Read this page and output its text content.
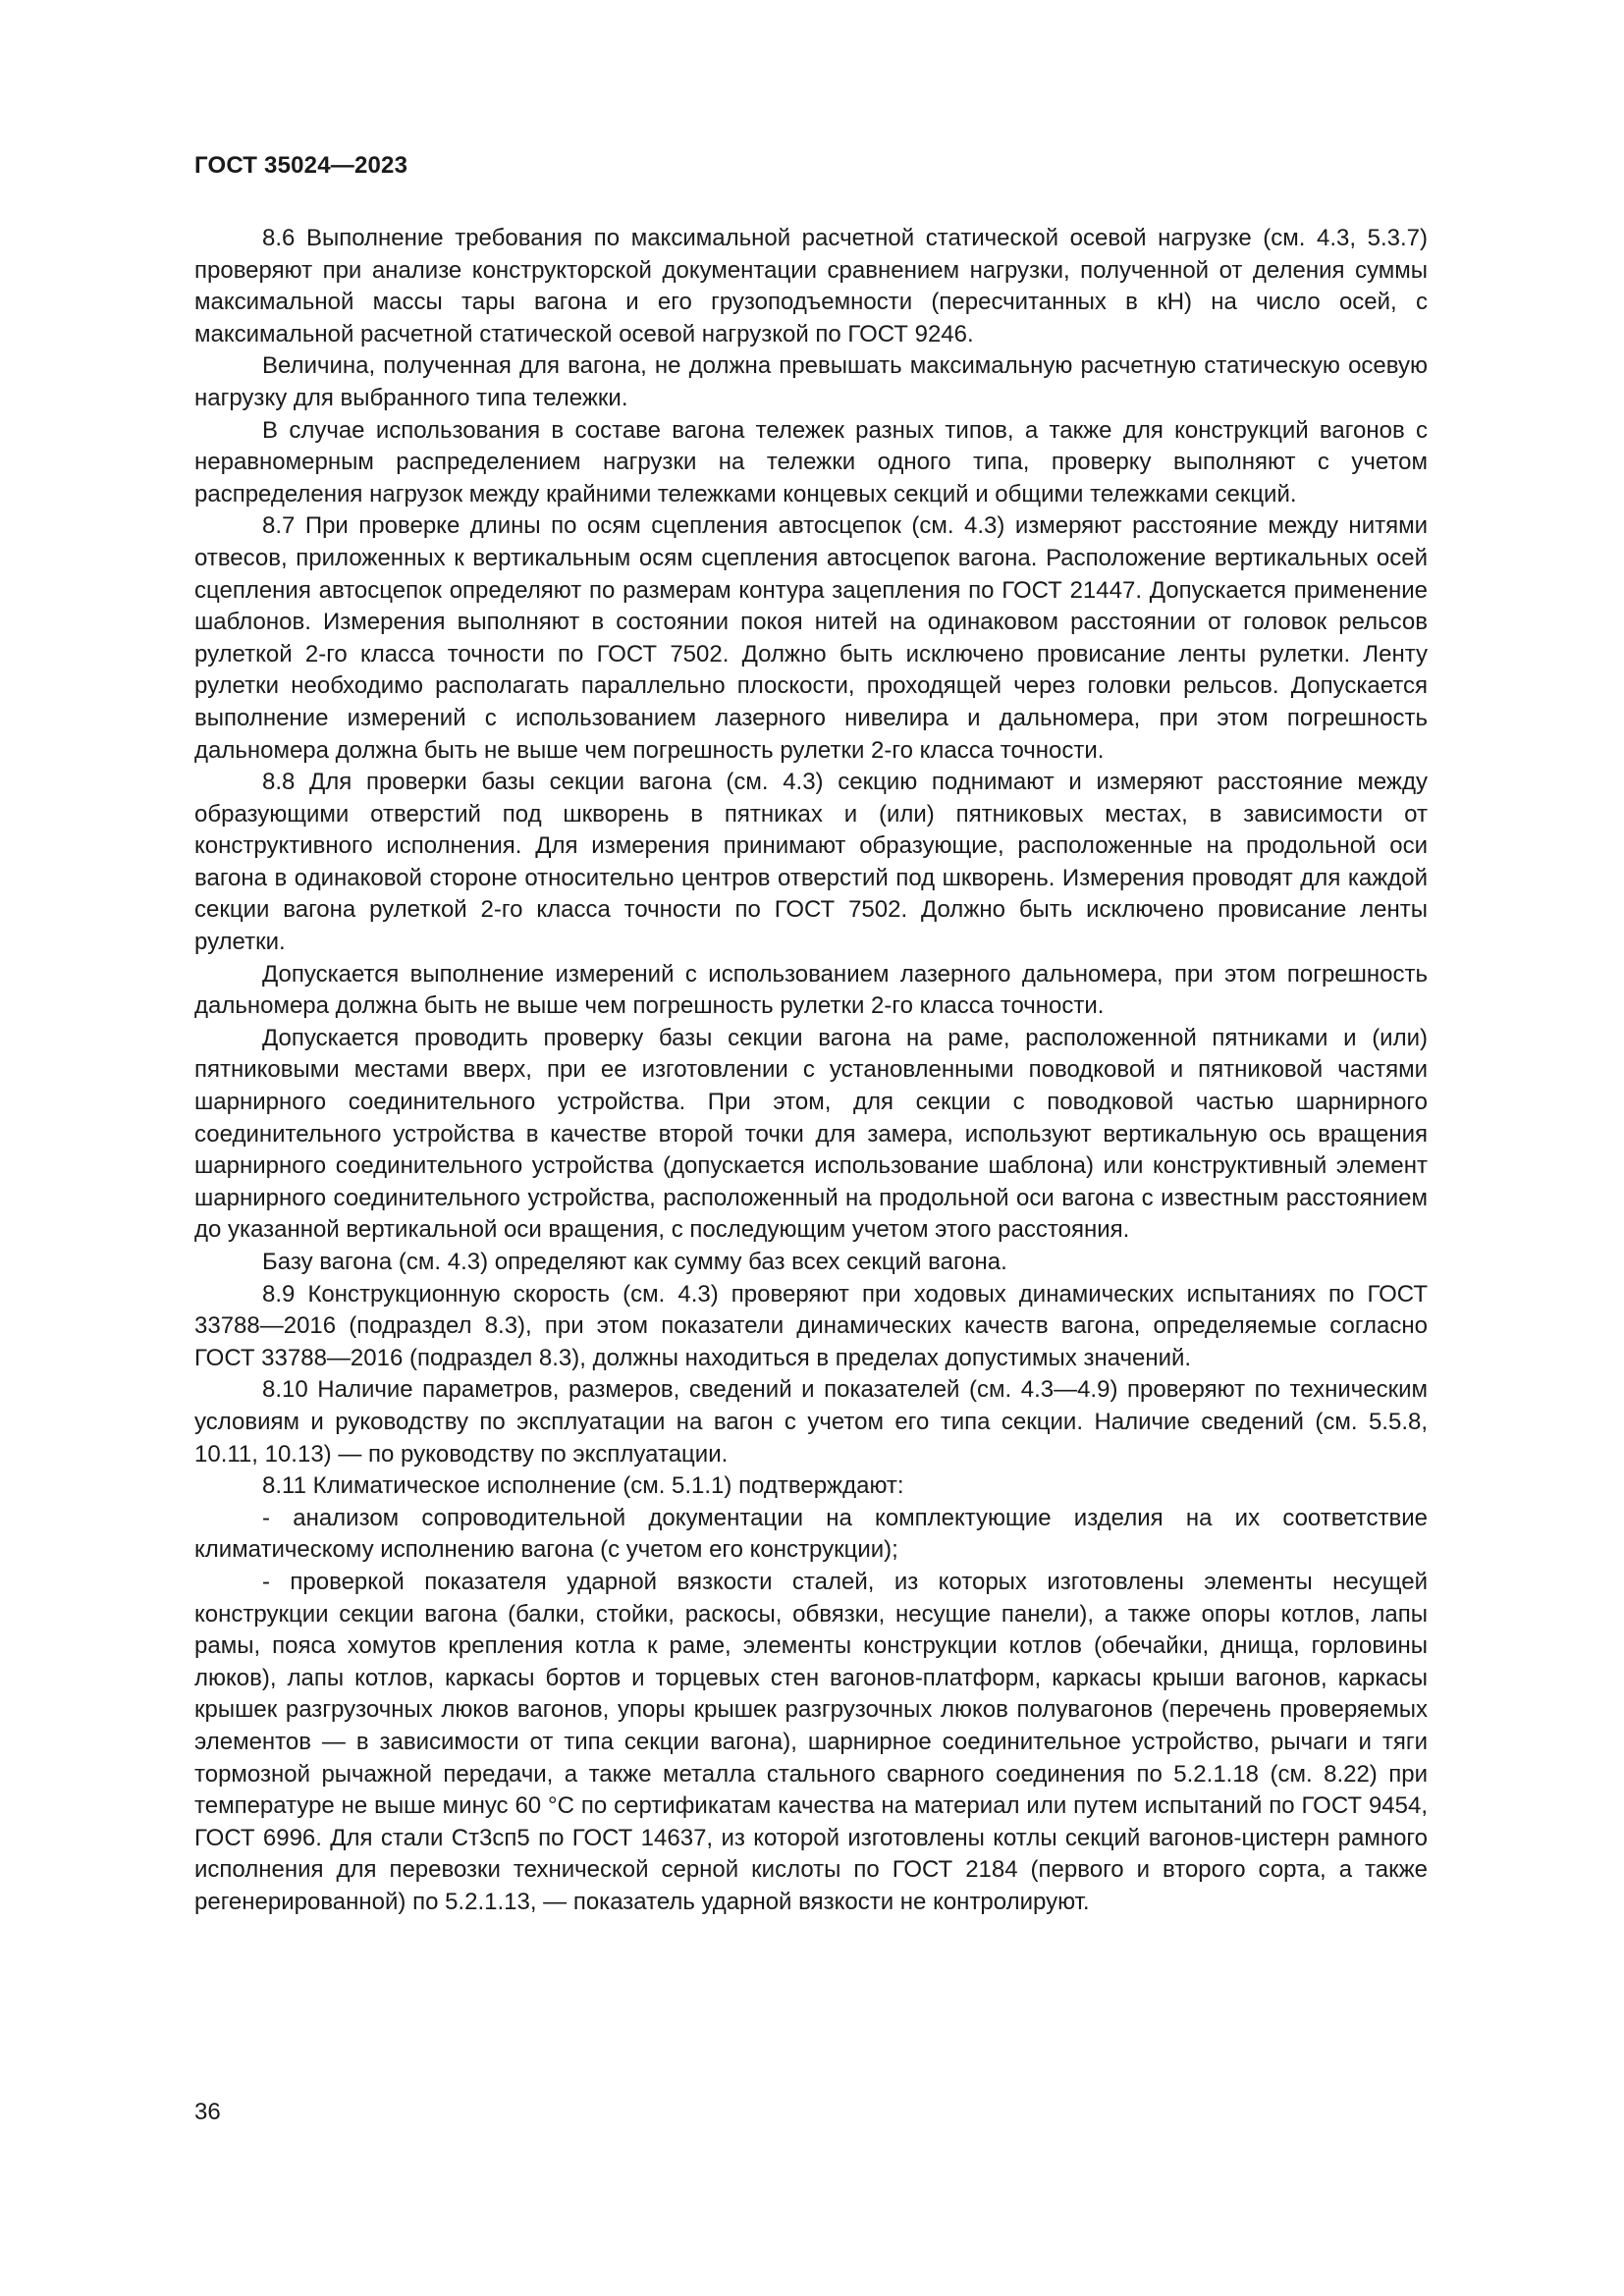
ГОСТ 35024—2023

8.6 Выполнение требования по максимальной расчетной статической осевой нагрузке (см. 4.3, 5.3.7) проверяют при анализе конструкторской документации сравнением нагрузки, полученной от деления суммы максимальной массы тары вагона и его грузоподъемности (пересчитанных в кН) на число осей, с максимальной расчетной статической осевой нагрузкой по ГОСТ 9246.

Величина, полученная для вагона, не должна превышать максимальную расчетную статическую осевую нагрузку для выбранного типа тележки.

В случае использования в составе вагона тележек разных типов, а также для конструкций вагонов с неравномерным распределением нагрузки на тележки одного типа, проверку выполняют с учетом распределения нагрузок между крайними тележками концевых секций и общими тележками секций.

8.7 При проверке длины по осям сцепления автосцепок (см. 4.3) измеряют расстояние между нитями отвесов, приложенных к вертикальным осям сцепления автосцепок вагона. Расположение вертикальных осей сцепления автосцепок определяют по размерам контура зацепления по ГОСТ 21447. Допускается применение шаблонов. Измерения выполняют в состоянии покоя нитей на одинаковом расстоянии от головок рельсов рулеткой 2-го класса точности по ГОСТ 7502. Должно быть исключено провисание ленты рулетки. Ленту рулетки необходимо располагать параллельно плоскости, проходящей через головки рельсов. Допускается выполнение измерений с использованием лазерного нивелира и дальномера, при этом погрешность дальномера должна быть не выше чем погрешность рулетки 2-го класса точности.

8.8 Для проверки базы секции вагона (см. 4.3) секцию поднимают и измеряют расстояние между образующими отверстий под шкворень в пятниках и (или) пятниковых местах, в зависимости от конструктивного исполнения. Для измерения принимают образующие, расположенные на продольной оси вагона в одинаковой стороне относительно центров отверстий под шкворень. Измерения проводят для каждой секции вагона рулеткой 2-го класса точности по ГОСТ 7502. Должно быть исключено провисание ленты рулетки.

Допускается выполнение измерений с использованием лазерного дальномера, при этом погрешность дальномера должна быть не выше чем погрешность рулетки 2-го класса точности.

Допускается проводить проверку базы секции вагона на раме, расположенной пятниками и (или) пятниковыми местами вверх, при ее изготовлении с установленными поводковой и пятниковой частями шарнирного соединительного устройства. При этом, для секции с поводковой частью шарнирного соединительного устройства в качестве второй точки для замера, используют вертикальную ось вращения шарнирного соединительного устройства (допускается использование шаблона) или конструктивный элемент шарнирного соединительного устройства, расположенный на продольной оси вагона с известным расстоянием до указанной вертикальной оси вращения, с последующим учетом этого расстояния.

Базу вагона (см. 4.3) определяют как сумму баз всех секций вагона.

8.9 Конструкционную скорость (см. 4.3) проверяют при ходовых динамических испытаниях по ГОСТ 33788—2016 (подраздел 8.3), при этом показатели динамических качеств вагона, определяемые согласно ГОСТ 33788—2016 (подраздел 8.3), должны находиться в пределах допустимых значений.

8.10 Наличие параметров, размеров, сведений и показателей (см. 4.3—4.9) проверяют по техническим условиям и руководству по эксплуатации на вагон с учетом его типа секции. Наличие сведений (см. 5.5.8, 10.11, 10.13) — по руководству по эксплуатации.

8.11 Климатическое исполнение (см. 5.1.1) подтверждают:

- анализом сопроводительной документации на комплектующие изделия на их соответствие климатическому исполнению вагона (с учетом его конструкции);

- проверкой показателя ударной вязкости сталей, из которых изготовлены элементы несущей конструкции секции вагона (балки, стойки, раскосы, обвязки, несущие панели), а также опоры котлов, лапы рамы, пояса хомутов крепления котла к раме, элементы конструкции котлов (обечайки, днища, горловины люков), лапы котлов, каркасы бортов и торцевых стен вагонов-платформ, каркасы крыши вагонов, каркасы крышек разгрузочных люков вагонов, упоры крышек разгрузочных люков полувагонов (перечень проверяемых элементов — в зависимости от типа секции вагона), шарнирное соединительное устройство, рычаги и тяги тормозной рычажной передачи, а также металла стального сварного соединения по 5.2.1.18 (см. 8.22) при температуре не выше минус 60 °C по сертификатам качества на материал или путем испытаний по ГОСТ 9454, ГОСТ 6996. Для стали Ст3сп5 по ГОСТ 14637, из которой изготовлены котлы секций вагонов-цистерн рамного исполнения для перевозки технической серной кислоты по ГОСТ 2184 (первого и второго сорта, а также регенерированной) по 5.2.1.13, — показатель ударной вязкости не контролируют.

36
